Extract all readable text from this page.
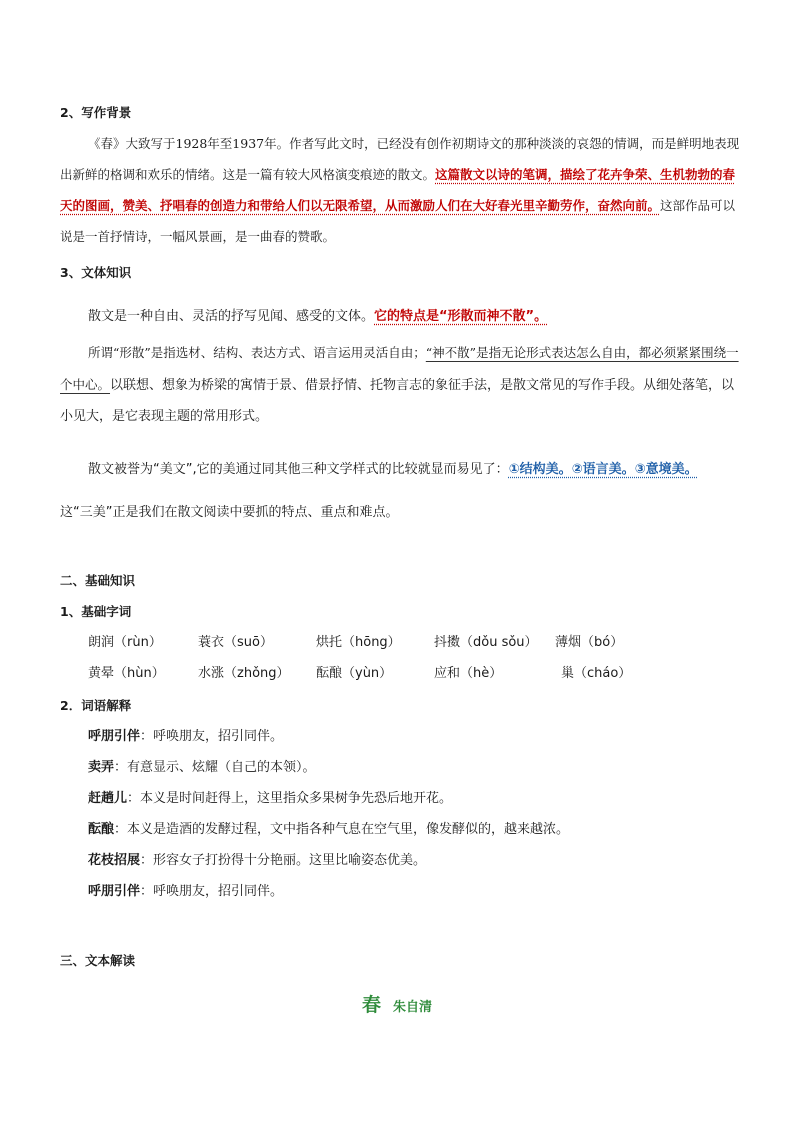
2、写作背景
《春》大致写于1928年至1937年。作者写此文时，已经没有创作初期诗文的那种淡淡的哀怨的情调，而是鲜明地表现出新鲜的格调和欢乐的情绪。这是一篇有较大风格演变痕迹的散文。这篇散文以诗的笔调，描绘了花卉争荣、生机勃勃的春天的图画，赞美、抒唱春的创造力和带给人们以无限希望，从而激励人们在大好春光里辛勤劳作，奋然向前。这部作品可以说是一首抒情诗，一幅风景画，是一曲春的赞歌。
3、文体知识
散文是一种自由、灵活的抒写见闻、感受的文体。它的特点是“形散而神不散”。
所谓“形散”是指选材、结构、表达方式、语言运用灵活自由；“神不散”是指无论形式表达怎么自由，都必须紧紧围绕一个中心。以联想、想象为桥梁的寓情于景、借景抒情、托物言志的象征手法，是散文常见的写作手段。从细处落笔，以小见大，是它表现主题的常用形式。
散文被誉为“美文”,它的美通过同其他三种文学样式的比较就显而易见了：①结构美。②语言美。③意境美。
这“三美”正是我们在散文阅读中要抓的特点、重点和难点。
二、基础知识
1、基础字词
朗润（rùn）	蓑衣（suō）	烘托（hōng）	抖擞（dǒu sǒu） 薄烟（bó）
黄晕（hùn）	水涨（zhǒng） 酝酿（yùn）	应和（hè）	巢（cháo）
2．词语解释
呼朋引伴：呼唤朋友，招引同伴。
卖弄：有意显示、炫耀（自己的本领）。
赶趟儿：本义是时间赶得上，这里指众多果树争先恐后地开花。
酝酿：本义是造酒的发酵过程，文中指各种气息在空气里，像发酵似的，越来越浓。
花枝招展：形容女子打扮得十分艳丽。这里比喻姿态优美。
呼朋引伴：呼唤朋友，招引同伴。
三、文本解读
春 朱自清
